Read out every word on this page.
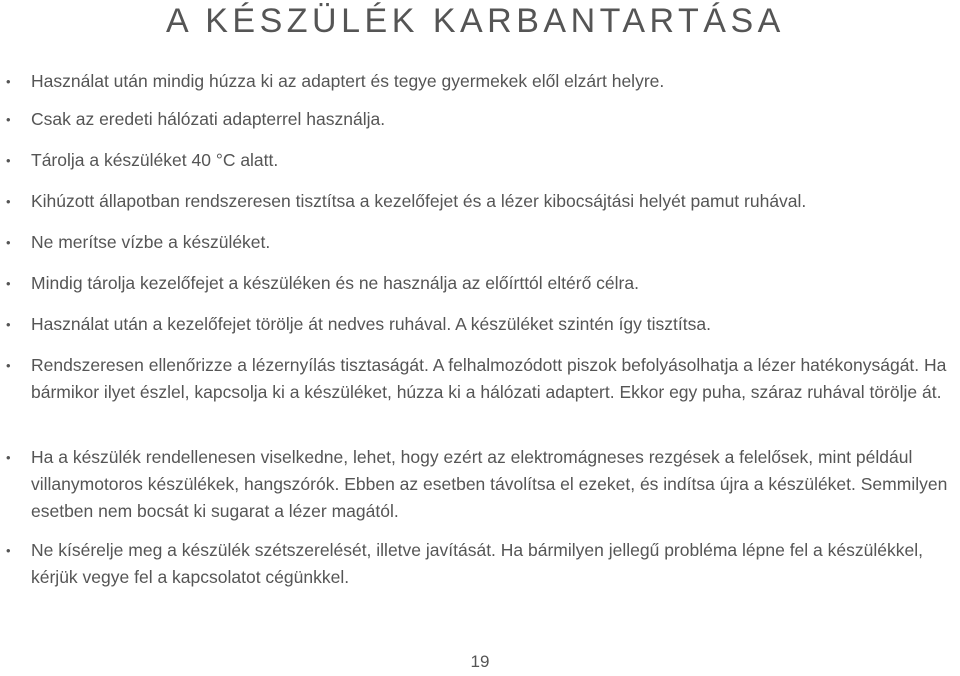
A KÉSZÜLÉK KARBANTARTÁSA
• Használat után mindig húzza ki az adaptert és tegye gyermekek elől elzárt helyre.
• Csak az eredeti hálózati adapterrel használja.
• Tárolja a készüléket 40 °C alatt.
• Kihúzott állapotban rendszeresen tisztítsa a kezelőfejet és a lézer kibocsájtási helyét pamut ruhával.
• Ne merítse vízbe a készüléket.
• Mindig tárolja kezelőfejet a készüléken és ne használja az előírttól eltérő célra.
• Használat után a kezelőfejet törölje át nedves ruhával. A készüléket szintén így tisztítsa.
• Rendszeresen ellenőrizze a lézernyílás tisztaságát. A felhalmozódott piszok befolyásolhatja a lézer hatékonyságát. Ha bármikor ilyet észlel, kapcsolja ki a készüléket, húzza ki a hálózati adaptert. Ekkor egy puha, száraz ruhával törölje át.
• Ha a készülék rendellenesen viselkedne, lehet, hogy ezért az elektromágneses rezgések a felelősek, mint például villanymotoros készülékek, hangszórók. Ebben az esetben távolítsa el ezeket, és indítsa újra a készüléket. Semmilyen esetben nem bocsát ki sugarat a lézer magától.
• Ne kísérelje meg a készülék szétszerelését, illetve javítását. Ha bármilyen jellegű probléma lépne fel a készülékkel, kérjük vegye fel a kapcsolatot cégünkkel.
19
